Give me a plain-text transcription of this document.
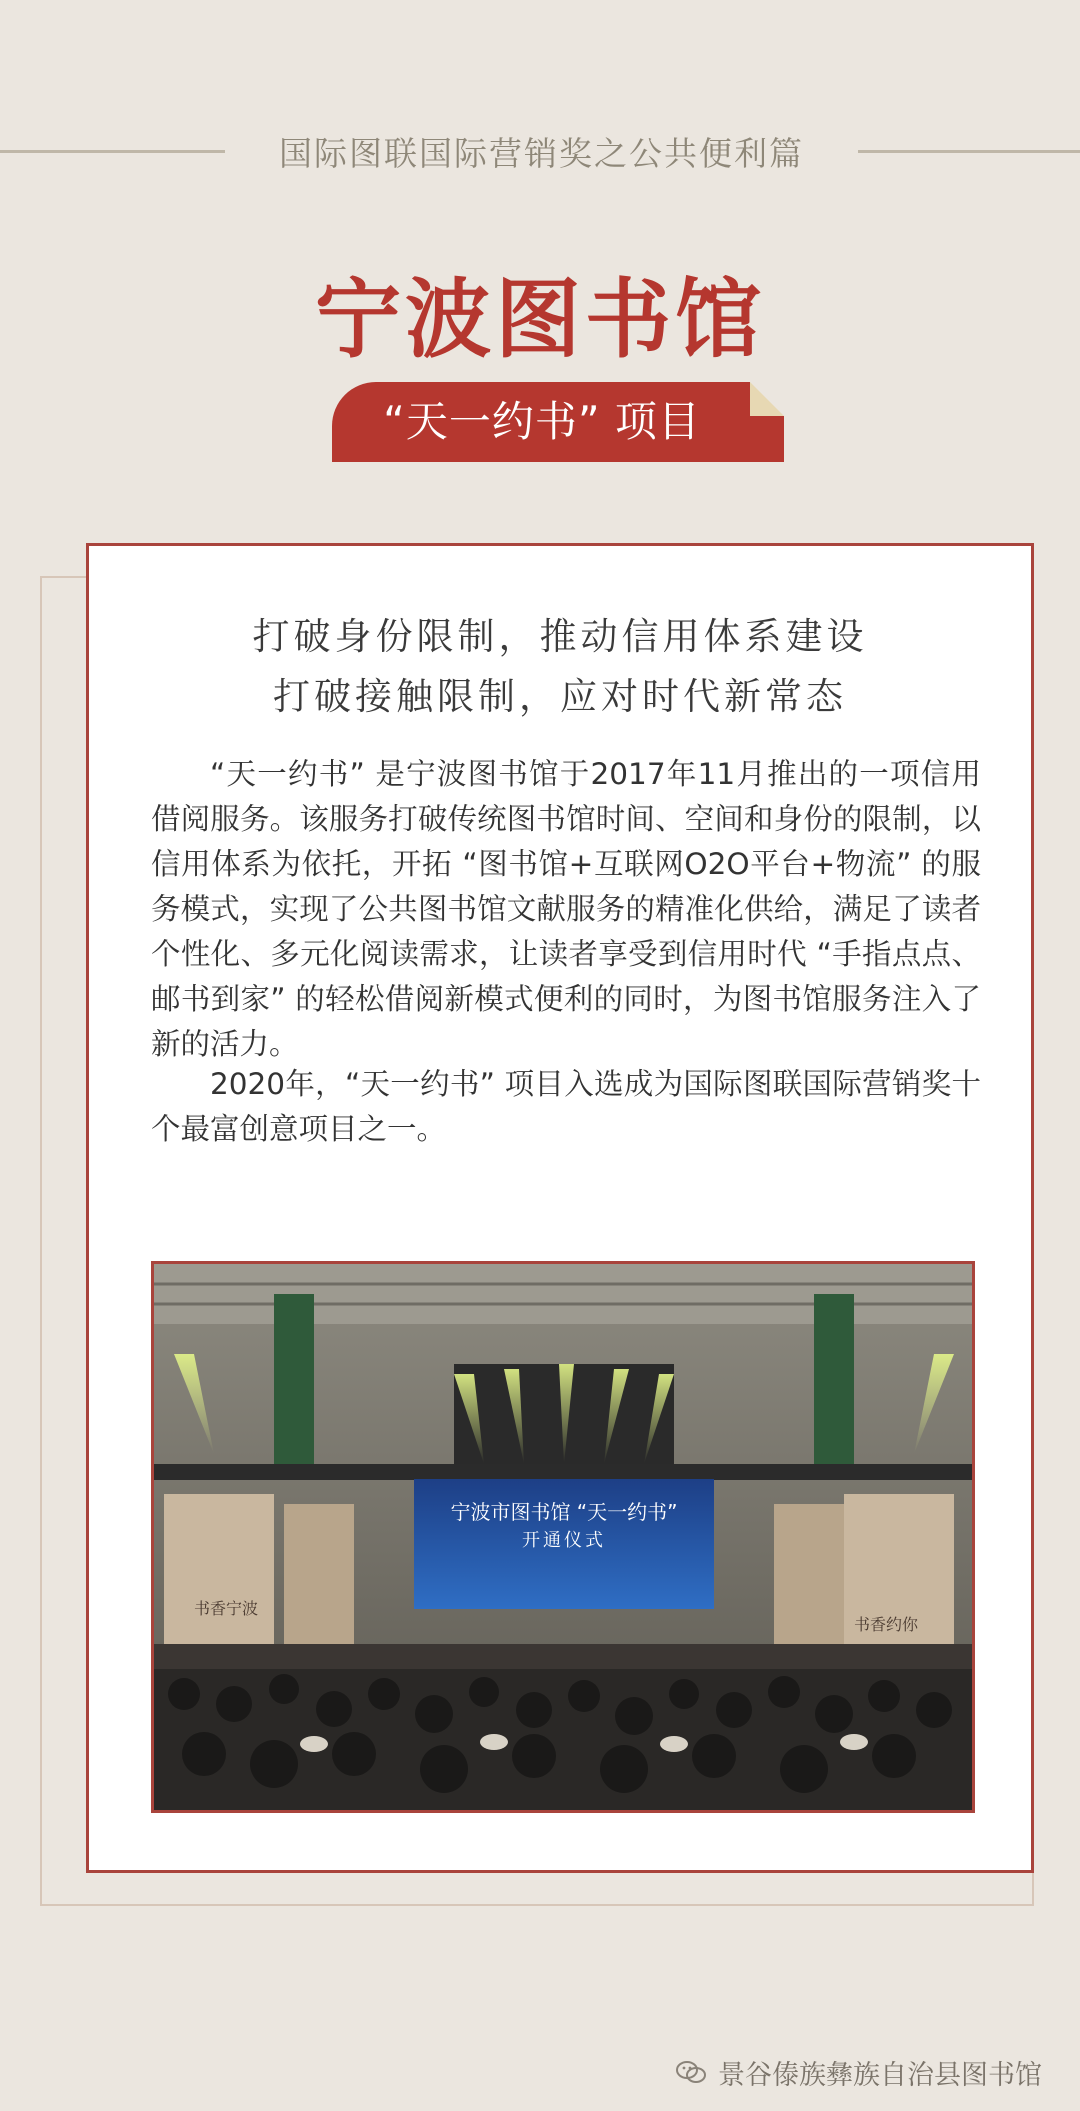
国际图联国际营销奖之公共便利篇
宁波图书馆
“天一约书” 项目
打破身份限制，推动信用体系建设
打破接触限制，应对时代新常态
“天一约书” 是宁波图书馆于2017年11月推出的一项信用借阅服务。该服务打破传统图书馆时间、空间和身份的限制，以信用体系为依托，开拓 “图书馆+互联网O2O平台+物流” 的服务模式，实现了公共图书馆文献服务的精准化供给，满足了读者个性化、多元化阅读需求，让读者享受到信用时代 “手指点点、邮书到家” 的轻松借阅新模式便利的同时，为图书馆服务注入了新的活力。
2020年，“天一约书” 项目入选成为国际图联国际营销奖十个最富创意项目之一。
宁波市图书馆 “天一约书”
开通仪式
书香宁波
书香约你
景谷傣族彝族自治县图书馆
